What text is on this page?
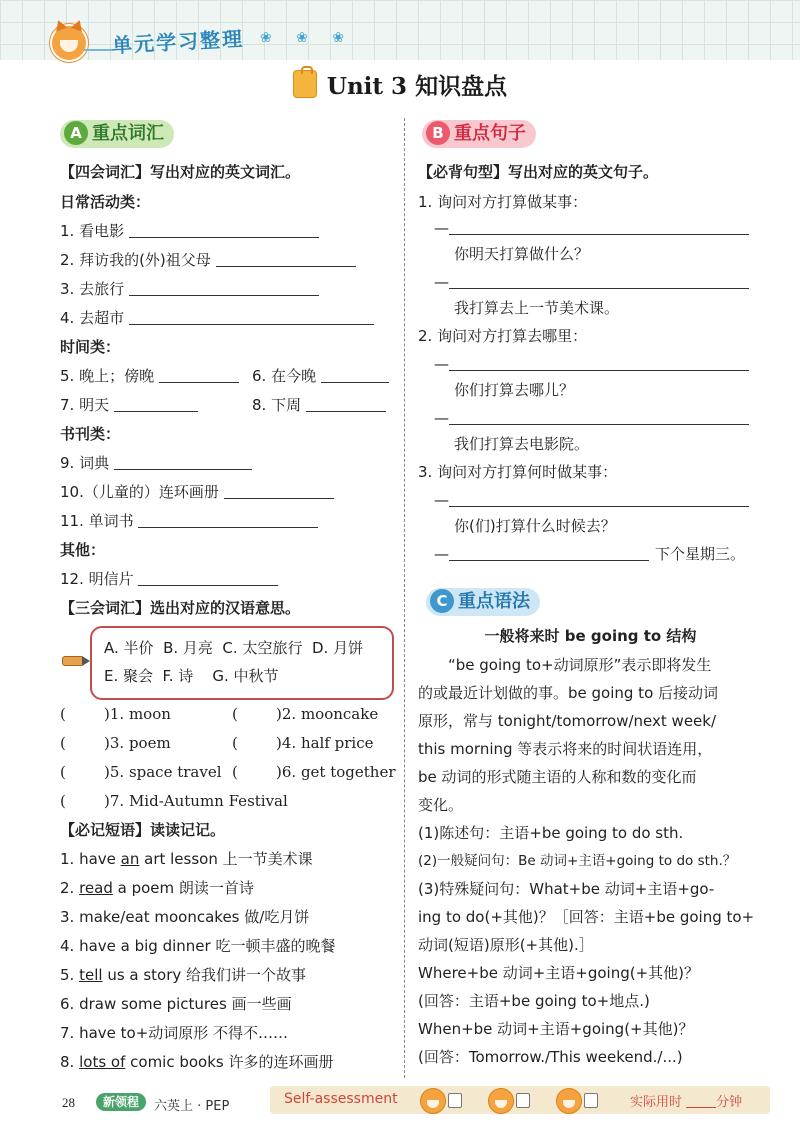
单元学习整理 ❀ ❀ ❀
Unit 3 知识盘点
A 重点词汇
【四会词汇】写出对应的英文词汇。
日常活动类：
1. 看电影
2. 拜访我的(外)祖父母
3. 去旅行
4. 去超市
时间类：
5. 晚上；傍晚	6. 在今晚
7. 明天	8. 下周
书刊类：
9. 词典
10.（儿童的）连环画册
11. 单词书
其他：
12. 明信片
【三会词汇】选出对应的汉语意思。
A. 半价  B. 月亮  C. 太空旅行  D. 月饼
E. 聚会  F. 诗    G. 中秋节
(        )1. moon	(        )2. mooncake
(        )3. poem	(        )4. half price
(        )5. space travel (        )6. get together
(        )7. Mid-Autumn Festival
【必记短语】读读记记。
1. have an art lesson 上一节美术课
2. read a poem 朗读一首诗
3. make/eat mooncakes 做/吃月饼
4. have a big dinner 吃一顿丰盛的晚餐
5. tell us a story 给我们讲一个故事
6. draw some pictures 画一些画
7. have to+动词原形 不得不……
8. lots of comic books 许多的连环画册
B 重点句子
【必背句型】写出对应的英文句子。
1. 询问对方打算做某事：
—
你明天打算做什么？
—
我打算去上一节美术课。
2. 询问对方打算去哪里：
—
你们打算去哪儿？
—
我们打算去电影院。
3. 询问对方打算何时做某事：
—
你(们)打算什么时候去？
—	下个星期三。
C 重点语法
一般将来时 be going to 结构
“be going to+动词原形”表示即将发生
的或最近计划做的事。be going to 后接动词
原形，常与 tonight/tomorrow/next week/
this morning 等表示将来的时间状语连用，
be 动词的形式随主语的人称和数的变化而
变化。
(1)陈述句：主语+be going to do sth.
(2)一般疑问句：Be 动词+主语+going to do sth.？
(3)特殊疑问句：What+be 动词+主语+go-
ing to do(+其他)？［回答：主语+be going to+
动词(短语)原形(+其他).］
Where+be 动词+主语+going(+其他)？
(回答：主语+be going to+地点.)
When+be 动词+主语+going(+其他)？
(回答：Tomorrow./This weekend./...)
28	新领程	六英上 · PEP	Self-assessment	实际用时	分钟
